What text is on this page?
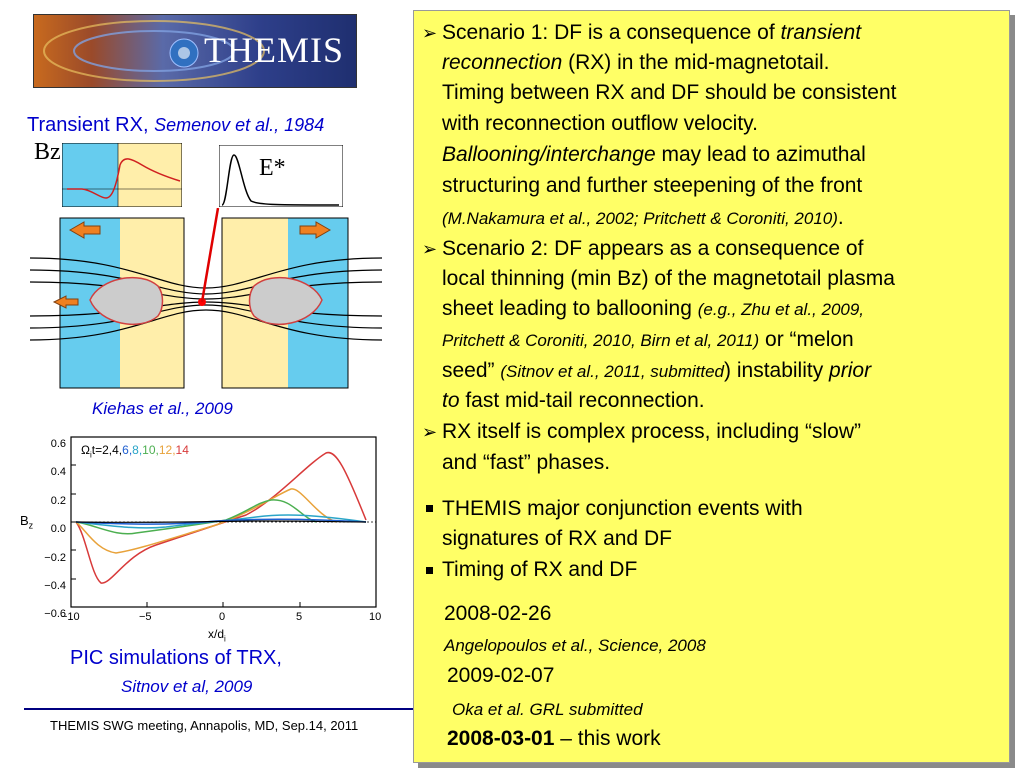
THEMIS
Transient RX, Semenov et al., 1984
Bz
E*
Kiehas et al., 2009
$\Omega_it=2,4,6,8,10,12,14$
0.6
0.4
0.2
0.0
−0.2
−0.4
−0.6
$B_z$
−10	−5	0	5	10
$x/d_i$
PIC simulations of TRX,
Sitnov et al, 2009
THEMIS SWG meeting, Annapolis, MD, Sep.14, 2011
➢ Scenario 1: DF is a consequence of transient
reconnection (RX) in the mid-magnetotail.
Timing between RX and DF should be consistent
with reconnection outflow velocity.
Ballooning/interchange may lead to azimuthal
structuring and further steepening of the front
(M.Nakamura et al., 2002; Pritchett & Coroniti, 2010).
➢ Scenario 2: DF appears as a consequence of
local thinning (min Bz) of the magnetotail plasma
sheet leading to ballooning (e.g., Zhu et al., 2009,
Pritchett & Coroniti, 2010, Birn et al, 2011) or “melon
seed” (Sitnov et al., 2011, submitted) instability prior
to fast mid-tail reconnection.
➢ RX itself is complex process, including “slow”
and “fast” phases.
THEMIS major conjunction events with
signatures of RX and DF
Timing of RX and DF
2008-02-26
Angelopoulos et al., Science, 2008
2009-02-07
Oka et al. GRL submitted
2008-03-01 – this work
